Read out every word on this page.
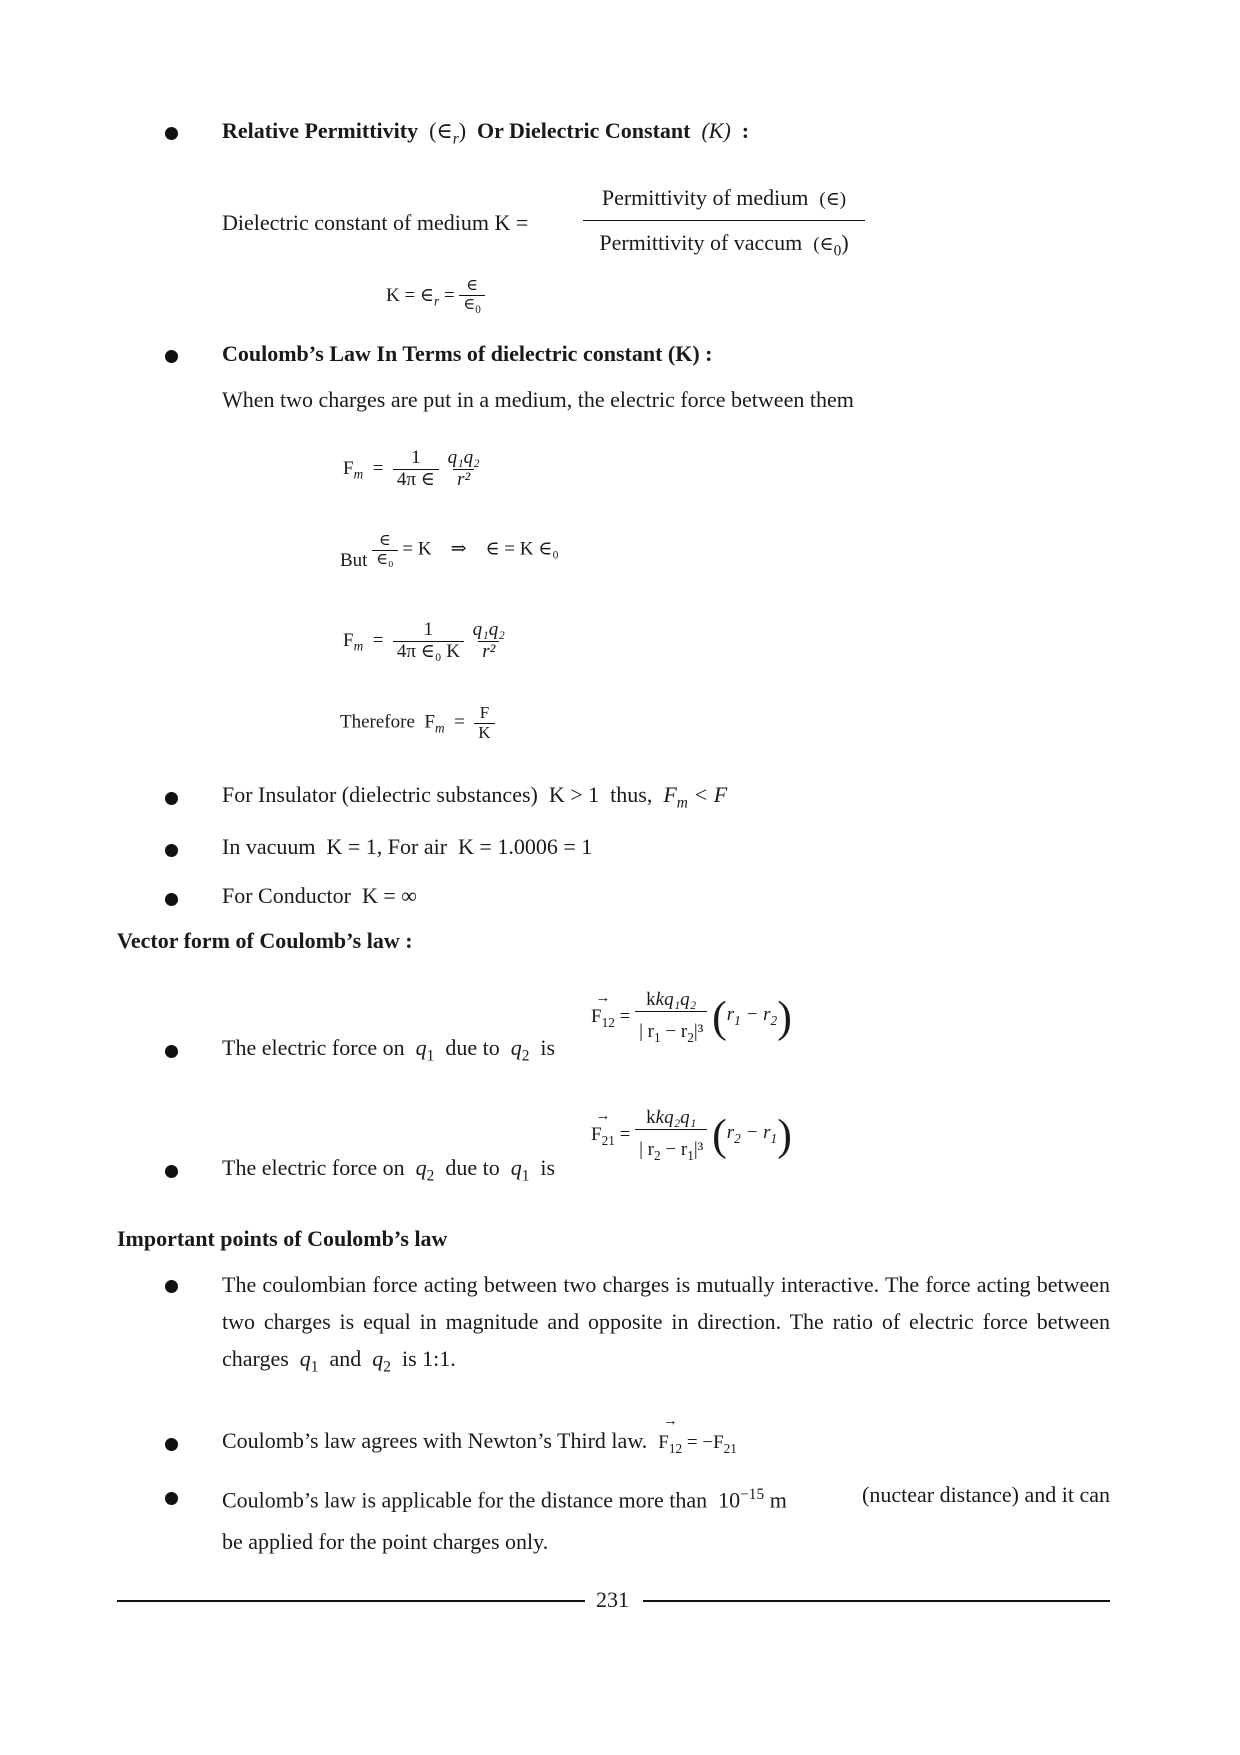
Relative Permittivity $(\in_r)$ Or Dielectric Constant (K) :
Dielectric constant of medium K =
Permittivity of medium (∈)
Permittivity of vaccum $(\in_0)$
$K = \in_r = \frac{\in}{\in_0}$
Coulomb’s Law In Terms of dielectric constant (K) :
When two charges are put in a medium, the electric force between them
$F_m = \frac{1}{4\pi \in}$
$\frac{\text{q₁q₂}}{\text{r²}}$
But $\frac{\in}{\text{∈₀}} = K$ ⇒ ∈ = K ∈₀
$F_m = \frac{1}{\text{4π ∈₀ K}}$
$\frac{\text{q₁q₂}}{\text{r²}}$
Therefore $F_m = \frac{F}{K}$
For Insulator (dielectric substances) K > 1 thus, $F_m < F$
In vacuum K = 1, For air K = 1.0006 = 1
For Conductor K = ∞
Vector form of Coulomb’s law :
The electric force on $q_1$ due to $q_2$ is
→
$F_{12} = \frac{\text{kkq₁q₂}}{| r_1 - r_2|^3} (r_1 - r_2)$
The electric force on $q_2$ due to $q_1$ is
→
$F_{21} = \frac{\text{kkq₂q₁}}{| r_2 - r_1|^3} (r_2 - r_1)$
Important points of Coulomb’s law
The coulombian force acting between two charges is mutually interactive. The force acting between two charges is equal in magnitude and opposite in direction. The ratio of electric force between charges $q_1$ and $q_2$ is 1:1.
Coulomb’s law agrees with Newton’s Third law.
→
$F_{12} = -F_{21}$
Coulomb’s law is applicable for the distance more than $10^{-15}$ m	(nuctear distance) and it can
be applied for the point charges only.
231
